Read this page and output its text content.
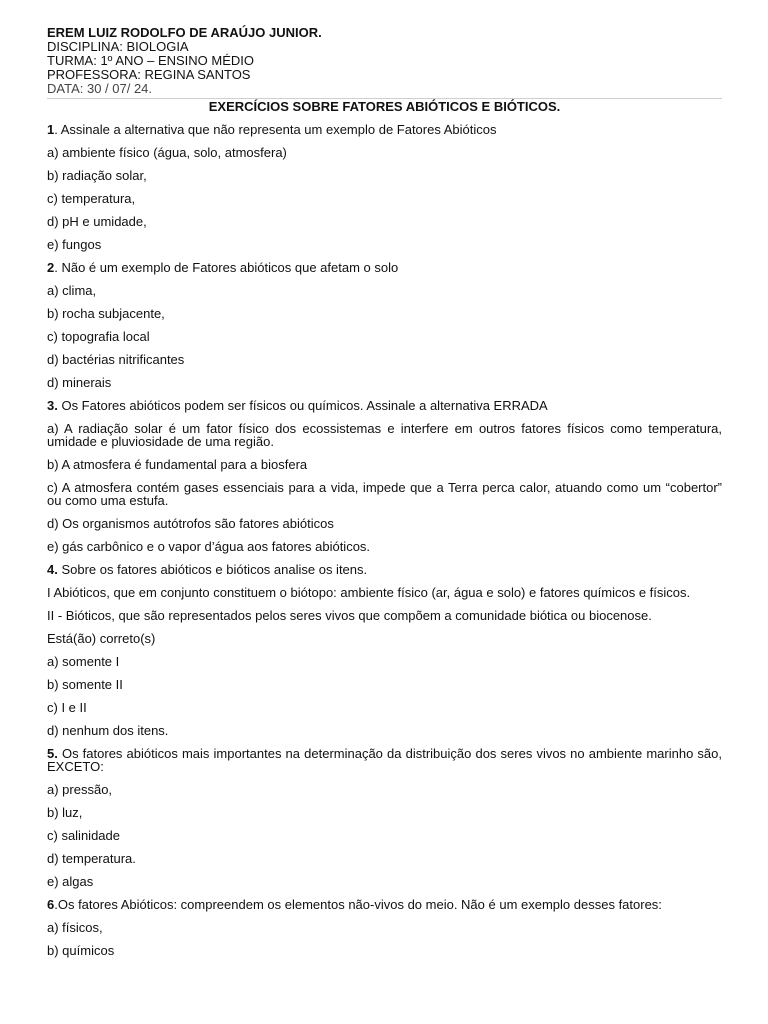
EREM LUIZ RODOLFO DE ARAÚJO JUNIOR.
DISCIPLINA: BIOLOGIA
TURMA: 1º ANO – ENSINO MÉDIO
PROFESSORA: REGINA SANTOS
DATA: 30 / 07/ 24.
EXERCÍCIOS SOBRE FATORES ABIÓTICOS E BIÓTICOS.

1. Assinale a alternativa que não representa um exemplo de Fatores Abióticos

a) ambiente físico (água, solo, atmosfera)

b) radiação solar,

c) temperatura,

d) pH e umidade,

e) fungos

2. Não é um exemplo de Fatores abióticos que afetam o solo

a) clima,

b) rocha subjacente,

c) topografia local

d) bactérias nitrificantes

d) minerais

3. Os Fatores abióticos podem ser físicos ou químicos. Assinale a alternativa ERRADA

a) A radiação solar é um fator físico dos ecossistemas e interfere em outros fatores físicos como temperatura, umidade e pluviosidade de uma região.

b) A atmosfera é fundamental para a biosfera

c) A atmosfera contém gases essenciais para a vida, impede que a Terra perca calor, atuando como um “cobertor” ou como uma estufa.

d) Os organismos autótrofos são fatores abióticos

e) gás carbônico e o vapor d’água aos fatores abióticos.

4. Sobre os fatores abióticos e bióticos analise os itens.

I Abióticos, que em conjunto constituem o biótopo: ambiente físico (ar, água e solo) e fatores químicos e físicos.

II - Bióticos, que são representados pelos seres vivos que compõem a comunidade biótica ou biocenose.

Está(ão) correto(s)

a) somente I

b) somente II

c) I e II

d) nenhum dos itens.

5. Os fatores abióticos mais importantes na determinação da distribuição dos seres vivos no ambiente marinho são, EXCETO:

a) pressão,

b) luz,

c) salinidade

d) temperatura.

e) algas

6.Os fatores Abióticos: compreendem os elementos não-vivos do meio. Não é um exemplo desses fatores:

a) físicos,

b) químicos
